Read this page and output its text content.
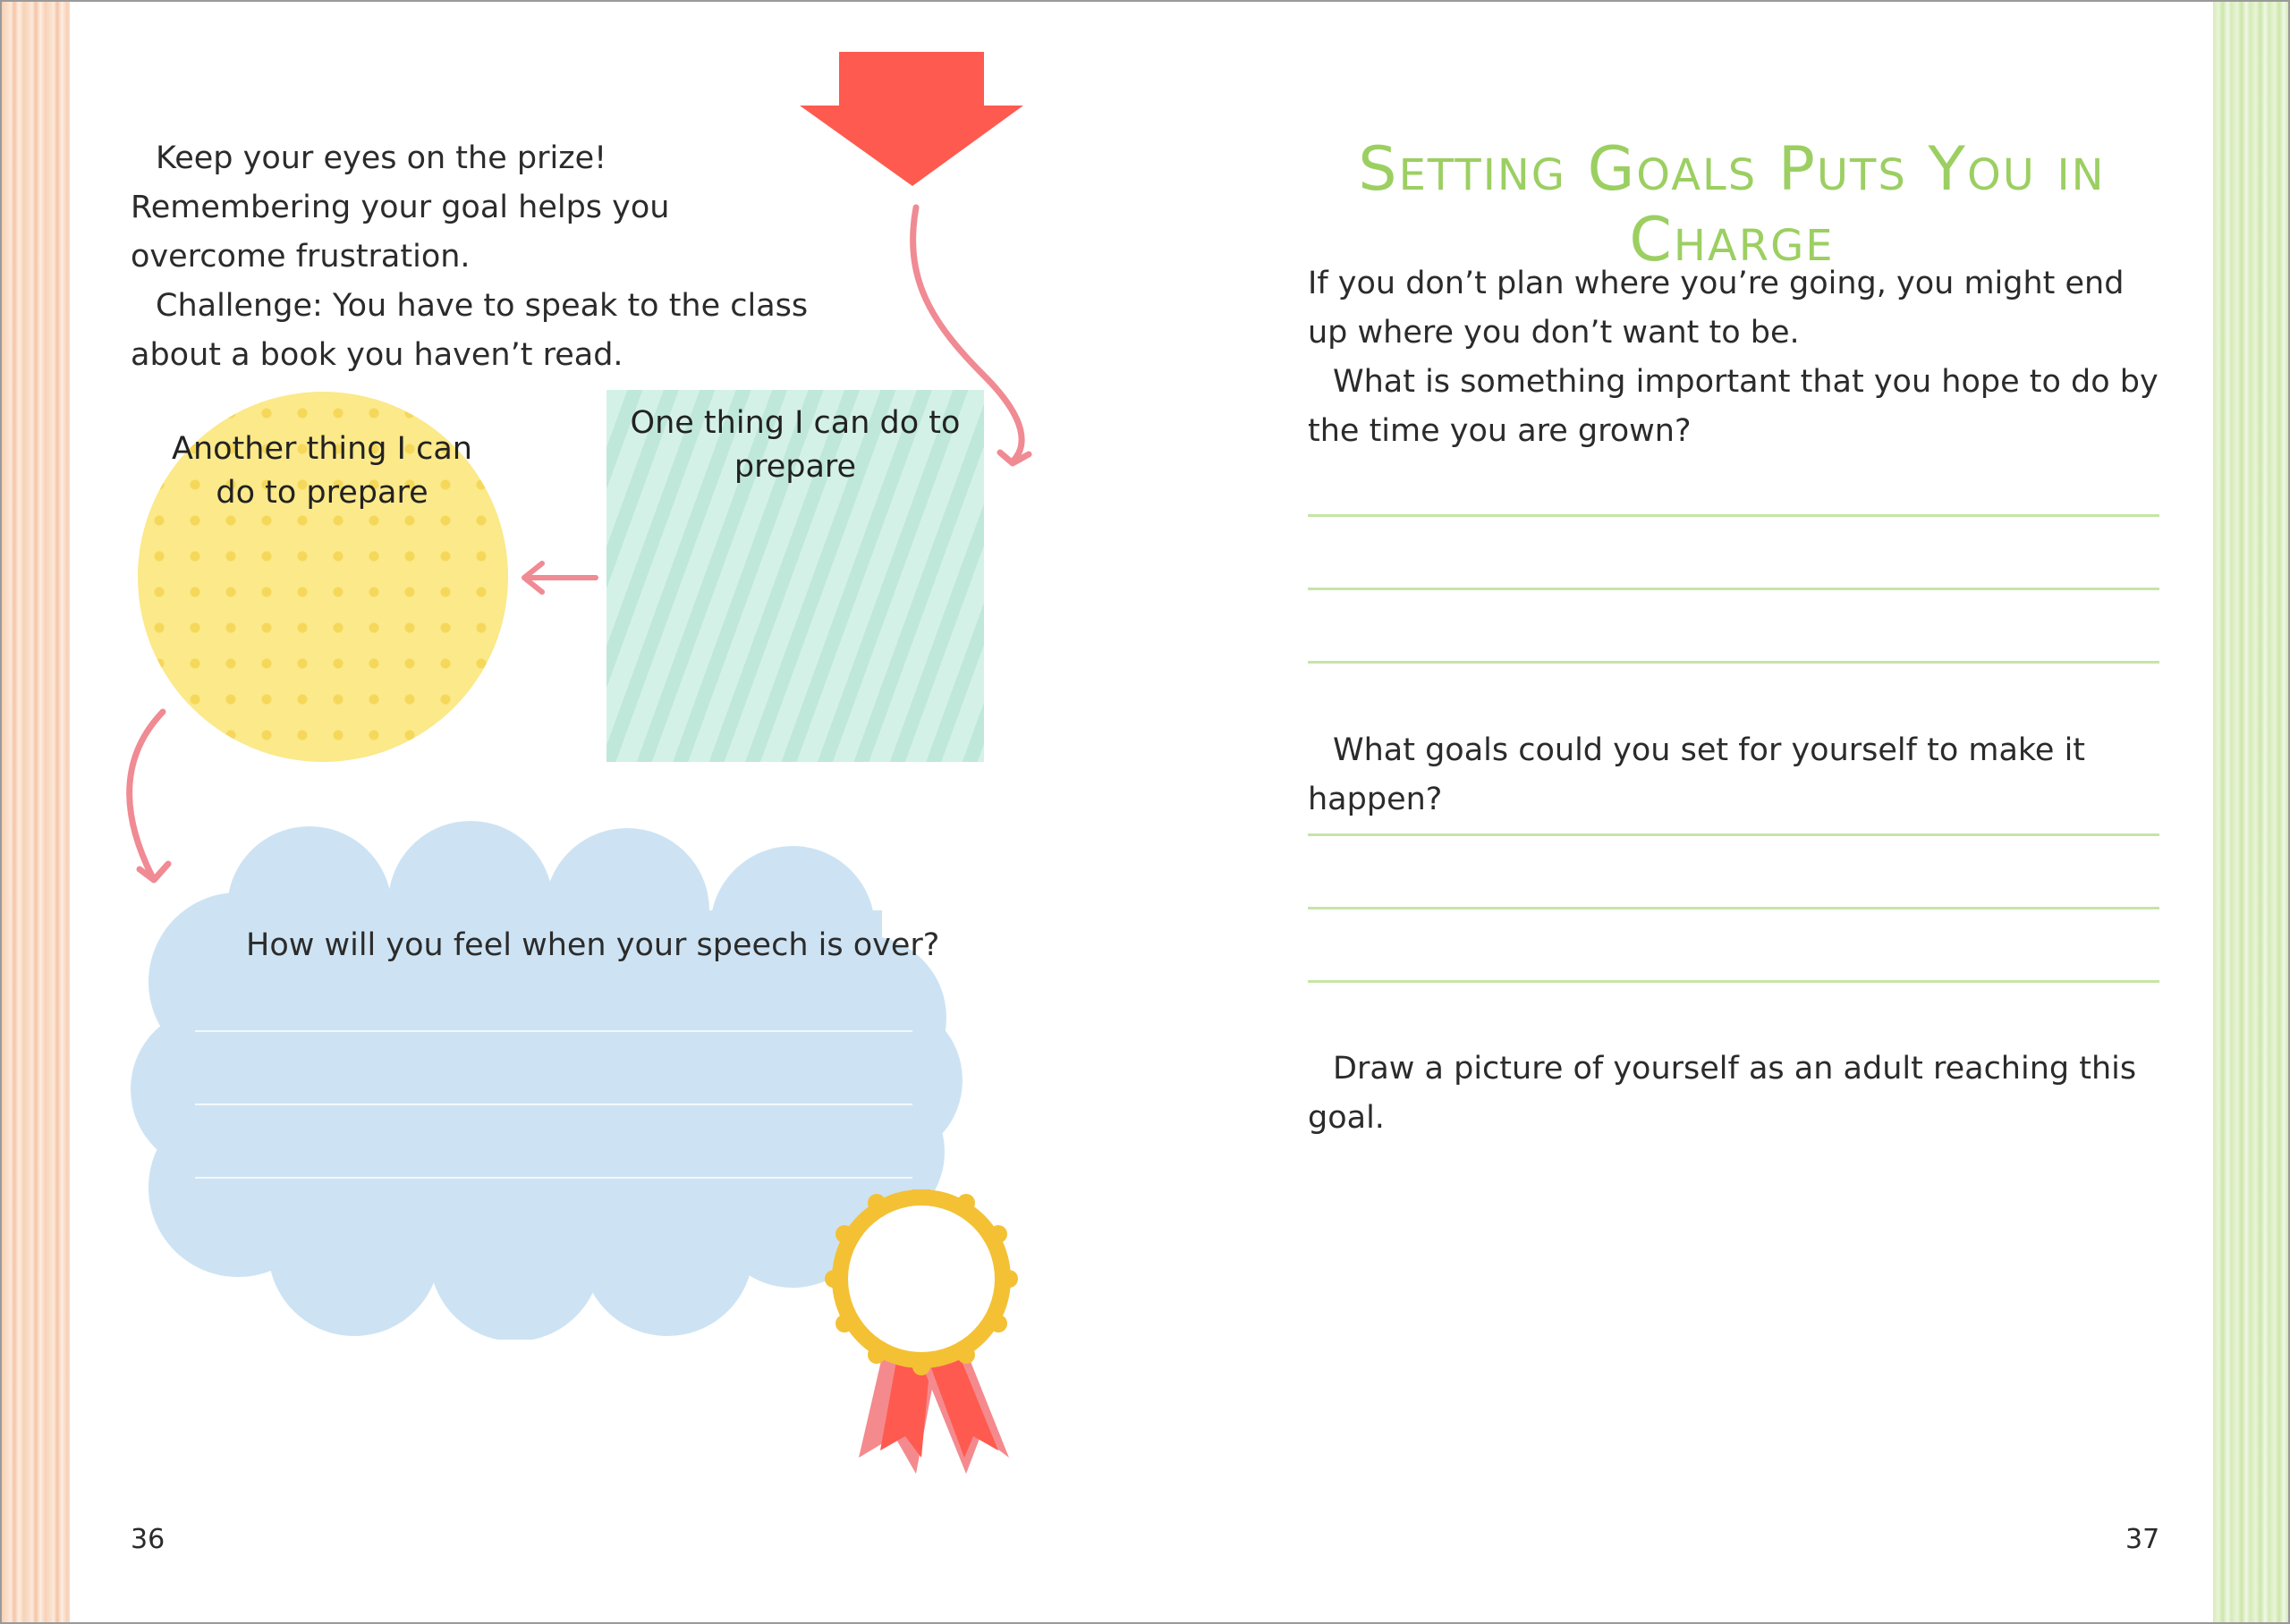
Keep your eyes on the prize! Remembering your goal helps you overcome frustration.

Challenge: You have to speak to the class about a book you haven’t read.

Another thing I can do to prepare
One thing I can do to prepare
How will you feel when your speech is over?
36
Setting Goals Puts You in Charge

If you don’t plan where you’re going, you might end up where you don’t want to be.

What is something important that you hope to do by the time you are grown?

What goals could you set for yourself to make it happen?
Draw a picture of yourself as an adult reaching this goal.
37
